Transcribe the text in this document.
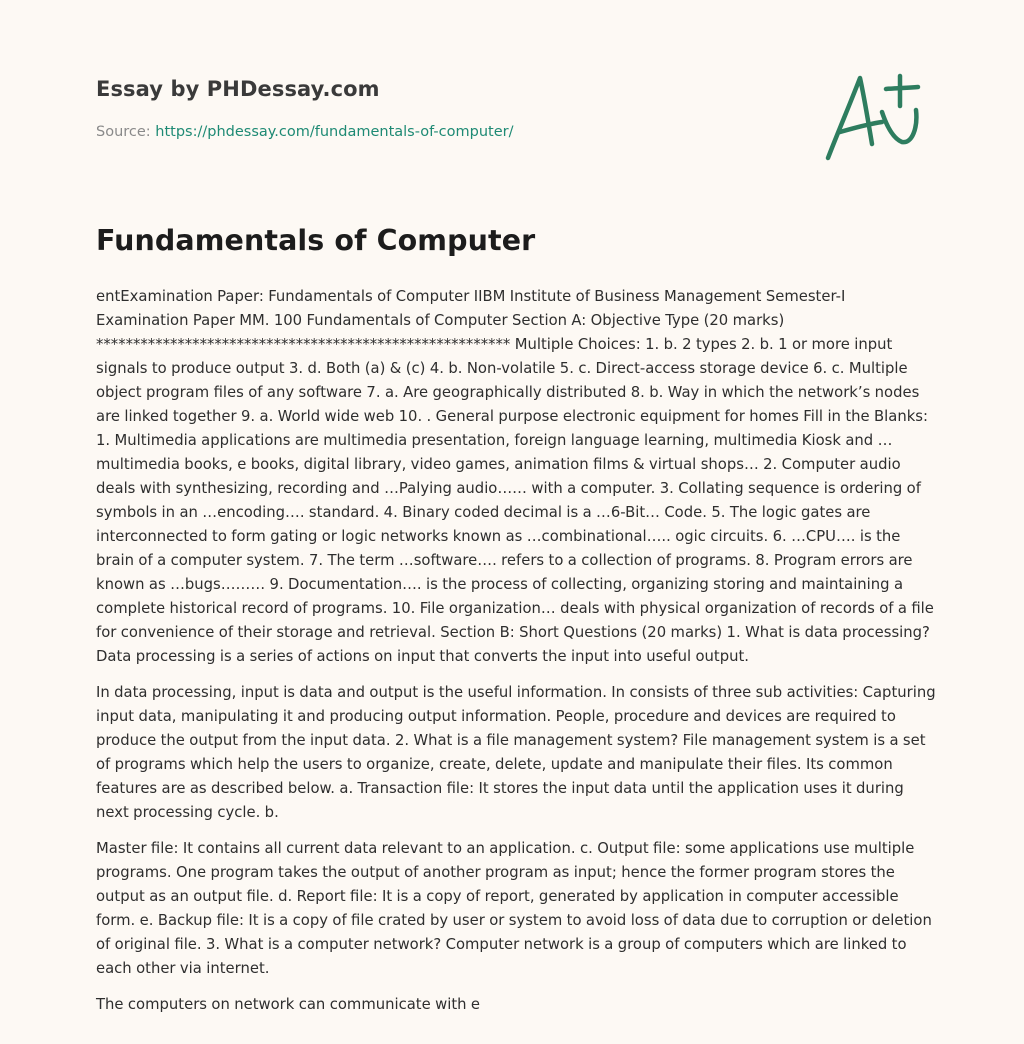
Essay by PHDessay.com
Source: https://phdessay.com/fundamentals-of-computer/
Fundamentals of Computer

entExamination Paper: Fundamentals of Computer IIBM Institute of Business Management Semester-I Examination Paper MM. 100 Fundamentals of Computer Section A: Objective Type (20 marks) ******************************************************** Multiple Choices: 1. b. 2 types 2. b. 1 or more input signals to produce output 3. d. Both (a) & (c) 4. b. Non-volatile 5. c. Direct-access storage device 6. c. Multiple object program files of any software 7. a. Are geographically distributed 8. b. Way in which the network’s nodes are linked together 9. a. World wide web 10. . General purpose electronic equipment for homes Fill in the Blanks: 1. Multimedia applications are multimedia presentation, foreign language learning, multimedia Kiosk and … multimedia books, e books, digital library, video games, animation films & virtual shops… 2. Computer audio deals with synthesizing, recording and …Palying audio…… with a computer. 3. Collating sequence is ordering of symbols in an …encoding…. standard. 4. Binary coded decimal is a …6-Bit… Code. 5. The logic gates are interconnected to form gating or logic networks known as …combinational….. ogic circuits. 6. …CPU…. is the brain of a computer system. 7. The term …software…. refers to a collection of programs. 8. Program errors are known as …bugs……… 9. Documentation…. is the process of collecting, organizing storing and maintaining a complete historical record of programs. 10. File organization… deals with physical organization of records of a file for convenience of their storage and retrieval. Section B: Short Questions (20 marks) 1. What is data processing? Data processing is a series of actions on input that converts the input into useful output.

In data processing, input is data and output is the useful information. In consists of three sub activities: Capturing input data, manipulating it and producing output information. People, procedure and devices are required to produce the output from the input data. 2. What is a file management system? File management system is a set of programs which help the users to organize, create, delete, update and manipulate their files. Its common features are as described below. a. Transaction file: It stores the input data until the application uses it during next processing cycle. b.

Master file: It contains all current data relevant to an application. c. Output file: some applications use multiple programs. One program takes the output of another program as input; hence the former program stores the output as an output file. d. Report file: It is a copy of report, generated by application in computer accessible form. e. Backup file: It is a copy of file crated by user or system to avoid loss of data due to corruption or deletion of original file. 3. What is a computer network? Computer network is a group of computers which are linked to each other via internet.

The computers on network can communicate with e
